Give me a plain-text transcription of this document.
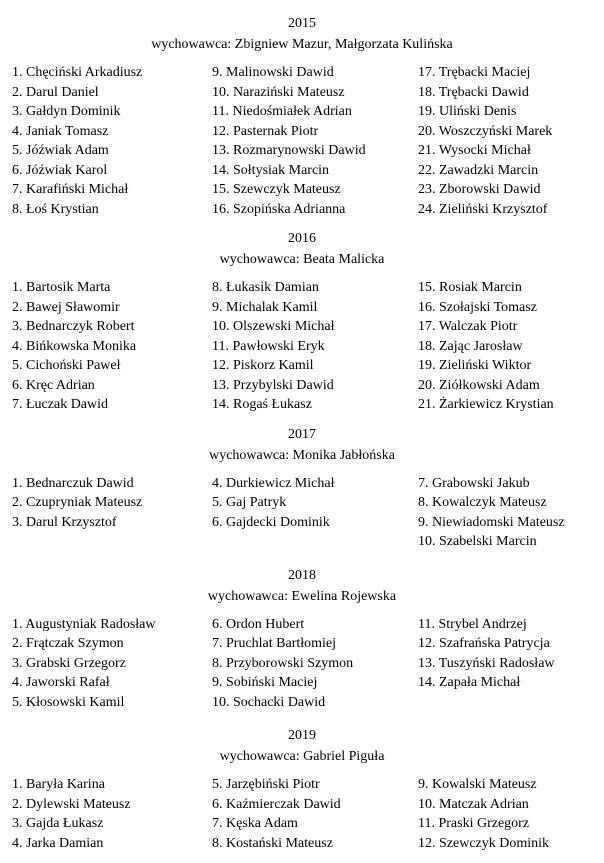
2015
wychowawca: Zbigniew Mazur, Małgorzata Kulińska
1. Chęciński Arkadiusz
2. Darul Daniel
3. Gałdyn Dominik
4. Janiak Tomasz
5. Jóźwiak Adam
6. Jóźwiak Karol
7. Karafiński Michał
8. Łoś Krystian
9. Malinowski Dawid
10. Naraziński Mateusz
11. Niedośmiałek Adrian
12. Pasternak Piotr
13. Rozmarynowski Dawid
14. Sołtysiak Marcin
15. Szewczyk Mateusz
16. Szopińska Adrianna
17. Trębacki Maciej
18. Trębacki Dawid
19. Uliński Denis
20. Woszczyński Marek
21. Wysocki Michał
22. Zawadzki Marcin
23. Zborowski Dawid
24. Zieliński Krzysztof
2016
wychowawca: Beata Malicka
1. Bartosik Marta
2. Bawej Sławomir
3. Bednarczyk Robert
4. Bińkowska Monika
5. Cichoński Paweł
6. Kręc Adrian
7. Łuczak Dawid
8. Łukasik Damian
9. Michalak Kamil
10. Olszewski Michał
11. Pawłowski Eryk
12. Piskorz Kamil
13. Przybylski Dawid
14. Rogaś Łukasz
15. Rosiak Marcin
16. Szołajski Tomasz
17. Walczak Piotr
18. Zając Jarosław
19. Zieliński Wiktor
20. Ziółkowski Adam
21. Żarkiewicz Krystian
2017
wychowawca: Monika Jabłońska
1. Bednarczuk Dawid
2. Czupryniak Mateusz
3. Darul Krzysztof
4. Durkiewicz Michał
5. Gaj Patryk
6. Gajdecki Dominik
7. Grabowski Jakub
8. Kowalczyk Mateusz
9. Niewiadomski Mateusz
10. Szabelski Marcin
2018
wychowawca: Ewelina Rojewska
1. Augustyniak Radosław
2. Frątczak Szymon
3. Grabski Grzegorz
4. Jaworski Rafał
5. Kłosowski Kamil
6. Ordon Hubert
7. Pruchlat Bartłomiej
8. Przyborowski Szymon
9. Sobiński Maciej
10. Sochacki Dawid
11. Strybel Andrzej
12. Szafrańska Patrycja
13. Tuszyński Radosław
14. Zapała Michał
2019
wychowawca: Gabriel Piguła
1. Baryła Karina
2. Dylewski Mateusz
3. Gajda Łukasz
4. Jarka Damian
5. Jarzębiński Piotr
6. Kaźmierczak Dawid
7. Kęska Adam
8. Kostański Mateusz
9. Kowalski Mateusz
10. Matczak Adrian
11. Praski Grzegorz
12. Szewczyk Dominik
